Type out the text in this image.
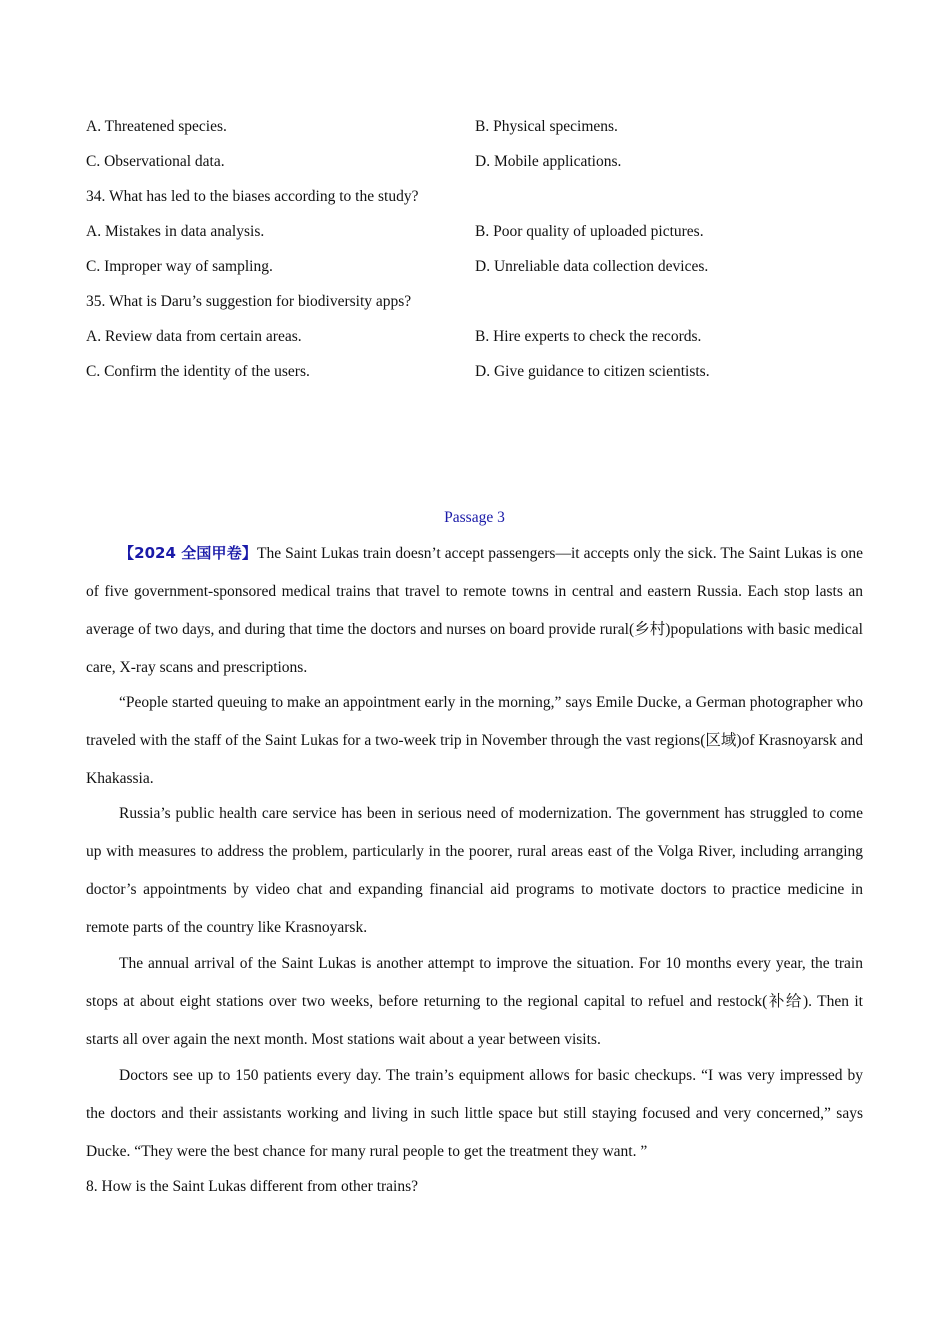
A. Threatened species.	B. Physical specimens.
C. Observational data.	D. Mobile applications.
34. What has led to the biases according to the study?
A. Mistakes in data analysis.	B. Poor quality of uploaded pictures.
C. Improper way of sampling.	D. Unreliable data collection devices.
35. What is Daru’s suggestion for biodiversity apps?
A. Review data from certain areas.	B. Hire experts to check the records.
C. Confirm the identity of the users.	D. Give guidance to citizen scientists.
Passage 3

【2024 全国甲卷】The Saint Lukas train doesn’t accept passengers—it accepts only the sick. The Saint Lukas is one of five government-sponsored medical trains that travel to remote towns in central and eastern Russia. Each stop lasts an average of two days, and during that time the doctors and nurses on board provide rural(乡村)populations with basic medical care, X-ray scans and prescriptions.

“People started queuing to make an appointment early in the morning,” says Emile Ducke, a German photographer who traveled with the staff of the Saint Lukas for a two-week trip in November through the vast regions(区域)of Krasnoyarsk and Khakassia.

Russia’s public health care service has been in serious need of modernization. The government has struggled to come up with measures to address the problem, particularly in the poorer, rural areas east of the Volga River, including arranging doctor’s appointments by video chat and expanding financial aid programs to motivate doctors to practice medicine in remote parts of the country like Krasnoyarsk.

The annual arrival of the Saint Lukas is another attempt to improve the situation. For 10 months every year, the train stops at about eight stations over two weeks, before returning to the regional capital to refuel and restock(补给). Then it starts all over again the next month. Most stations wait about a year between visits.

Doctors see up to 150 patients every day. The train’s equipment allows for basic checkups. “I was very impressed by the doctors and their assistants working and living in such little space but still staying focused and very concerned,” says Ducke. “They were the best chance for many rural people to get the treatment they want. ”

8. How is the Saint Lukas different from other trains?
